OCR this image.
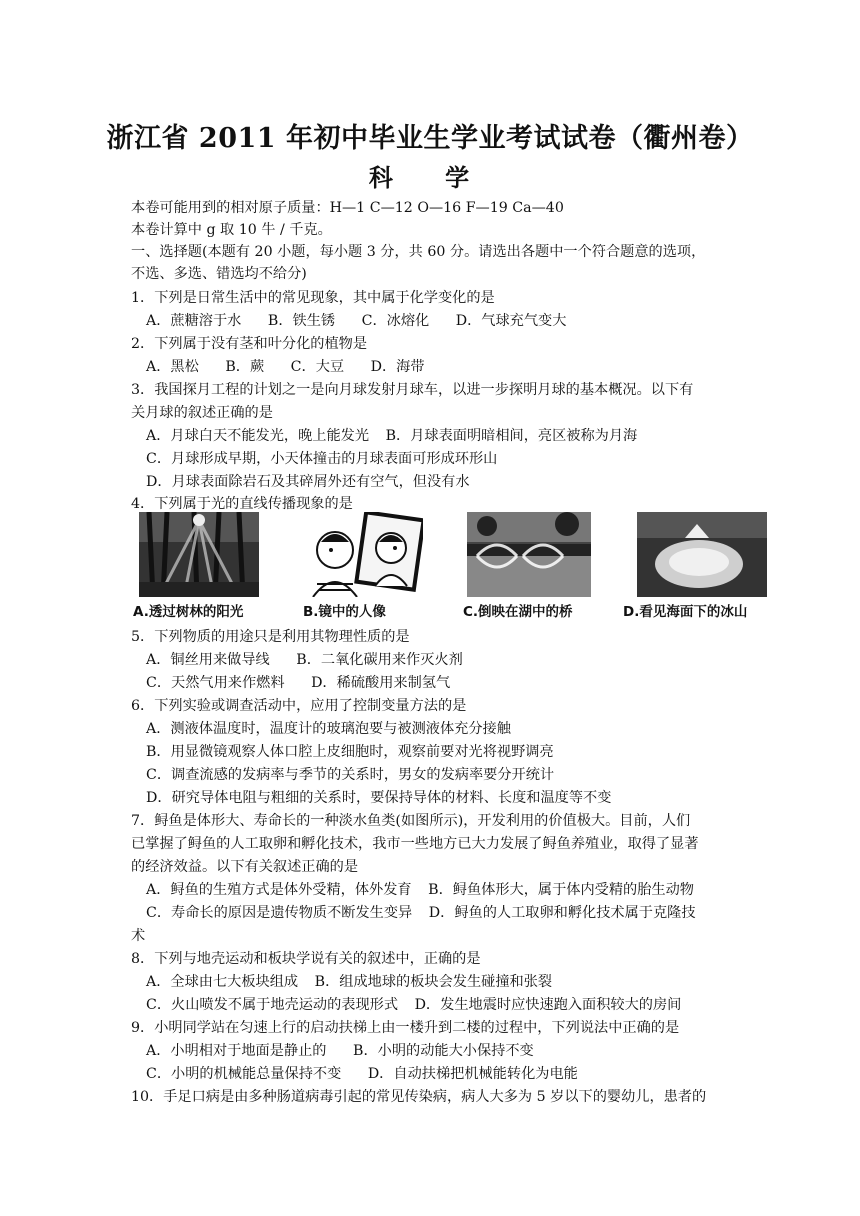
浙江省 2011 年初中毕业生学业考试试卷（衢州卷）
科 学
本卷可能用到的相对原子质量：H—1 C—12 O—16 F—19 Ca—40
本卷计算中 g 取 10 牛 / 千克。
一、选择题(本题有 20 小题，每小题 3 分，共 60 分。请选出各题中一个符合题意的选项，
不选、多选、错选均不给分)
1．下列是日常生活中的常见现象，其中属于化学变化的是
A．蔗糖溶于水 B．铁生锈 C．冰熔化 D．气球充气变大
2．下列属于没有茎和叶分化的植物是
A．黑松 B．蕨 C．大豆 D．海带
3．我国探月工程的计划之一是向月球发射月球车，以进一步探明月球的基本概况。以下有
关月球的叙述正确的是
A．月球白天不能发光，晚上能发光 B．月球表面明暗相间，亮区被称为月海
C．月球形成早期，小天体撞击的月球表面可形成环形山
D．月球表面除岩石及其碎屑外还有空气，但没有水
4．下列属于光的直线传播现象的是
A.透过树林的阳光	B.镜中的人像	C.倒映在湖中的桥	D.看见海面下的冰山
5．下列物质的用途只是利用其物理性质的是
A．铜丝用来做导线 B．二氧化碳用来作灭火剂
C．天然气用来作燃料 D．稀硫酸用来制氢气
6．下列实验或调查活动中，应用了控制变量方法的是
A．测液体温度时，温度计的玻璃泡要与被测液体充分接触
B．用显微镜观察人体口腔上皮细胞时，观察前要对光将视野调亮
C．调查流感的发病率与季节的关系时，男女的发病率要分开统计
D．研究导体电阻与粗细的关系时，要保持导体的材料、长度和温度等不变
7．鲟鱼是体形大、寿命长的一种淡水鱼类(如图所示)，开发利用的价值极大。目前，人们
已掌握了鲟鱼的人工取卵和孵化技术，我市一些地方已大力发展了鲟鱼养殖业，取得了显著
的经济效益。以下有关叙述正确的是
A．鲟鱼的生殖方式是体外受精，体外发育 B．鲟鱼体形大，属于体内受精的胎生动物
C．寿命长的原因是遗传物质不断发生变异 D．鲟鱼的人工取卵和孵化技术属于克隆技
术
8．下列与地壳运动和板块学说有关的叙述中，正确的是
A．全球由七大板块组成 B．组成地球的板块会发生碰撞和张裂
C．火山喷发不属于地壳运动的表现形式 D．发生地震时应快速跑入面积较大的房间
9．小明同学站在匀速上行的启动扶梯上由一楼升到二楼的过程中，下列说法中正确的是
A．小明相对于地面是静止的 B．小明的动能大小保持不变
C．小明的机械能总量保持不变 D．自动扶梯把机械能转化为电能
10．手足口病是由多种肠道病毒引起的常见传染病，病人大多为 5 岁以下的婴幼儿，患者的
